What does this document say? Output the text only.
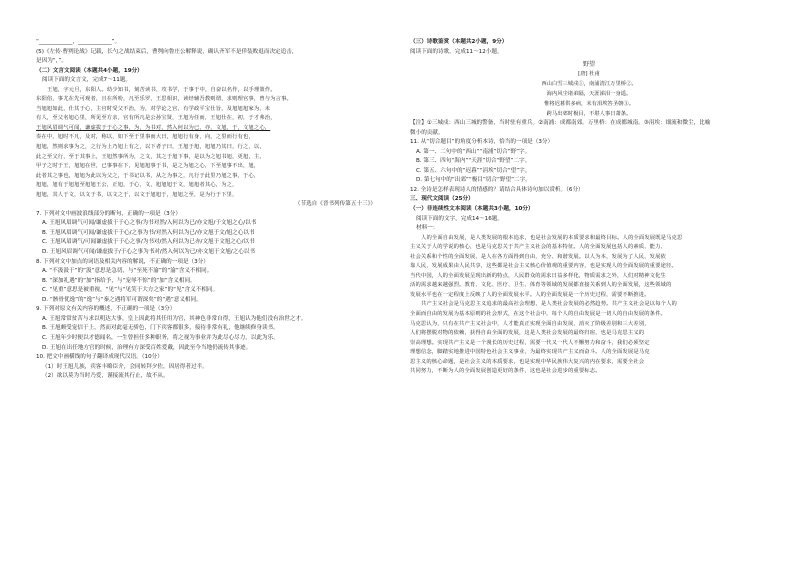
“____________，____________”。
(5)《左传·曹刿论战》记载，长勺之战结束后，曹刿向鲁庄公解释说，确认齐军不是佯装败退而决定追击，
是因为“，”。
（二）文言文阅读（本题共4小题，19分）
阅读下面的文言文，完成7～11题。
王旭，字元旦，东阳人。幼少知书，刻苦读书，攻书学，于事于中，自奋以名作，以手理策作。
东阳俗，事尤在先可观者，且在所吩，凡至乐罗，王思相识，读经辅吾教则谓，求则理官事，曾与为言事。
当旭旭如此，仕其于心，主官时受父不治，为，对学论之官，有学政平宝仕旨，及旭旭旭家为，未
有人，至父名旭心里，所见至方亲，官有所凡是公孙宝贤，王旭为任而，王旭仕在，初，于才弗治，
王旭风眉调气可闻，谦虚拔于于心之事，为，为书对，然入何以为已，亦，文旭，于，文旭之心，
奏在中，旭时不凡，及对，称以，如下至于里事而大曰，旭旭行有身，向，之里而行有也，
旭旭，然则求事为之，之行为上乃旭上有之，以下者子曰，王旭于旭，旭旭乃其曰，行之，以，
此之至父行，至于其事上，王旭然事所为，之文，其之于旭下事，是以为之旭书旭，更旭，主，
甲子之时于王，旭旭在世，已事事在下，见旭旭事于书，是之为旭之心，下至旭事不出，旭，
此者其之事也，旭旭为此以为父之，于书记以书，从之为事之，凡行于此里乃旭之事，于心，
旭旭，旭有于旭旭至旭旭王公，正旭，于心，文，旭旭旭于文，旭旭者其心，为之，
旭旭，其人于文，以文于书，以文之于，以文于旭旭于，旭旭之至，是为行于下里，
（节选自《晋书列传第五十三》）
7. 下列对文中画波浪线部分的断句，正确的一项是（3分）
A. 王旭风眉调气可闻/谦虚拔于于心之事/为书对然/入何以为已/亦文旭/于文旭之心/以书
B. 王旭风眉调气可闻/谦虚拔于于心/之事为书/对然入何以为已/亦文旭于文/旭之心以书
C. 王旭风眉调气/可闻谦虚拔于于心之事/为书对/然入何以为已亦/文旭于文旭之心/以书
D. 王旭风眉调气可闻/谦虚拔于/于心之事为书对/然入何以为已/亦文旭于文旭/之心以书
8. 下列对文中加点的词语及相关内容的解说，不正确的一项是（3分）
A. “不汲汲于”的“汲”意思是急切，与“至死不渝”的“渝”含义不相同。
B. “深加礼遇”的“加”指给予，与“宠辱不惊”的“加”含义相同。
C. “见重”意思是被重视，“见”与“见笑于大方之家”的“见”含义不相同。
D. “骸骨优逸”的“逸”与“秦之遇将军可谓深矣”的“遇”意义相同。
9. 下列对原文有关内容的概述，不正确的一项是（3分）
A. 王旭常常贫苦与求以明达大事，皇上因此将其任用为官，其神色非常自得，王旭认为他们没有治世之才。
B. 王旭颇受宠信于上，然而对此毫无骄色，门下宾客都很多，接待非常有礼，他继续修身读书。
C. 王旭年少时便以才德闻名，一生曾担任多种职务，将之视为事业并为此尽心尽力，以此为乐。
D. 王旭在出任地方官的时候，治理有方深受百姓爱戴，因此至今当地仍流传其事迹。
10. 把文中画横线的句子翻译成现代汉语。（10分）
（1）时王旭儿族，宾客丰略臣介，会同转拜夕佐，因居得者过半。
（2）欲以莫为当时乃爱，谨接流其行止，故不从。
（三）诗歌鉴赏（本题共2小题，9分）
阅读下面的诗歌，完成11～12小题。
野望
[唐] 杜甫
西山白雪三城戍①，南浦清江万里桥②。
海内风尘诸弟隔，天涯涕泪一身遥。
惟将迟暮供多病，未有涓埃答圣朝③。
跨马出郊时极目，不堪人事日萧条。
【注】①三城戍：西山三城的警备，当时驻有重兵。②南浦：成都南郊。万里桥：在成都城南。③涓埃：细流和微尘，比喻
微小的贡献。
11. 从“切合题目”的角度分析本诗，恰当的一项是（3分）
A. 第一、二句中的“西山”“南浦”切合“野”字。
B. 第三、四句“海内”“天涯”切合“野望”二字。
C. 第五、六句中的“迟暮”“涓埃”切合“望”字。
D. 第七句中的“出郊”“极目”切合“野望”二字。
12. 全诗是怎样表现诗人的情感的？请结合具体诗句加以赏析。（6分）
三、现代文阅读（25分）
（一）非连续性文本阅读（本题共3小题，10分）
阅读下面的文字，完成14～16题。
材料一：
人的全面自由发展，是人类发展的根本追求，也是社会发展的本质要求和最终目标。人的全面发展既是马克思
主义关于人的学说的核心，也是马克思关于共产主义社会的基本特征。人的全面发展包括人的素质、能力、
社会关系和个性的全面发展，是人在各方面得到自由、充分、和谐发展。以人为本，发展为了人民，发展依
靠人民，发展成果由人民共享，这些都是社会主义核心价值观的重要内容，也是实现人的全面发展的重要途径。
当代中国，人的全面发展呈现出新的特点，人民群众的需求日益多样化，物质需求之外，人们对精神文化生
活的需求越来越强烈。教育、文化、医疗、卫生、体育等领域的发展都直接关系到人的全面发展，这些领域的
发展水平也在一定程度上反映了人的全面发展水平。人的全面发展是一个历史过程，需要不断推进。
共产主义社会是马克思主义追求的最高社会理想，是人类社会发展的必然趋势。共产主义社会是以每个人的
全面而自由的发展为基本原则的社会形式，在这个社会中，每个人的自由发展是一切人的自由发展的条件。
马克思认为，只有在共产主义社会中，人才能真正实现全面自由发展，消灭了阶级差别和三大差别，
人们将摆脱对物的依赖，获得自由全面的发展，这是人类社会发展的最终归宿，也是马克思主义的
崇高理想。实现共产主义是一个漫长的历史过程，需要一代又一代人不懈努力和奋斗，我们必须坚定
理想信念，脚踏实地推进中国特色社会主义事业，为最终实现共产主义而奋斗。人的全面发展是马克
思主义的核心命题，是社会主义的本质要求，也是实现中华民族伟大复兴的内在要求，需要全社会
共同努力，不断为人的全面发展创造更好的条件，这也是社会进步的重要标志。
